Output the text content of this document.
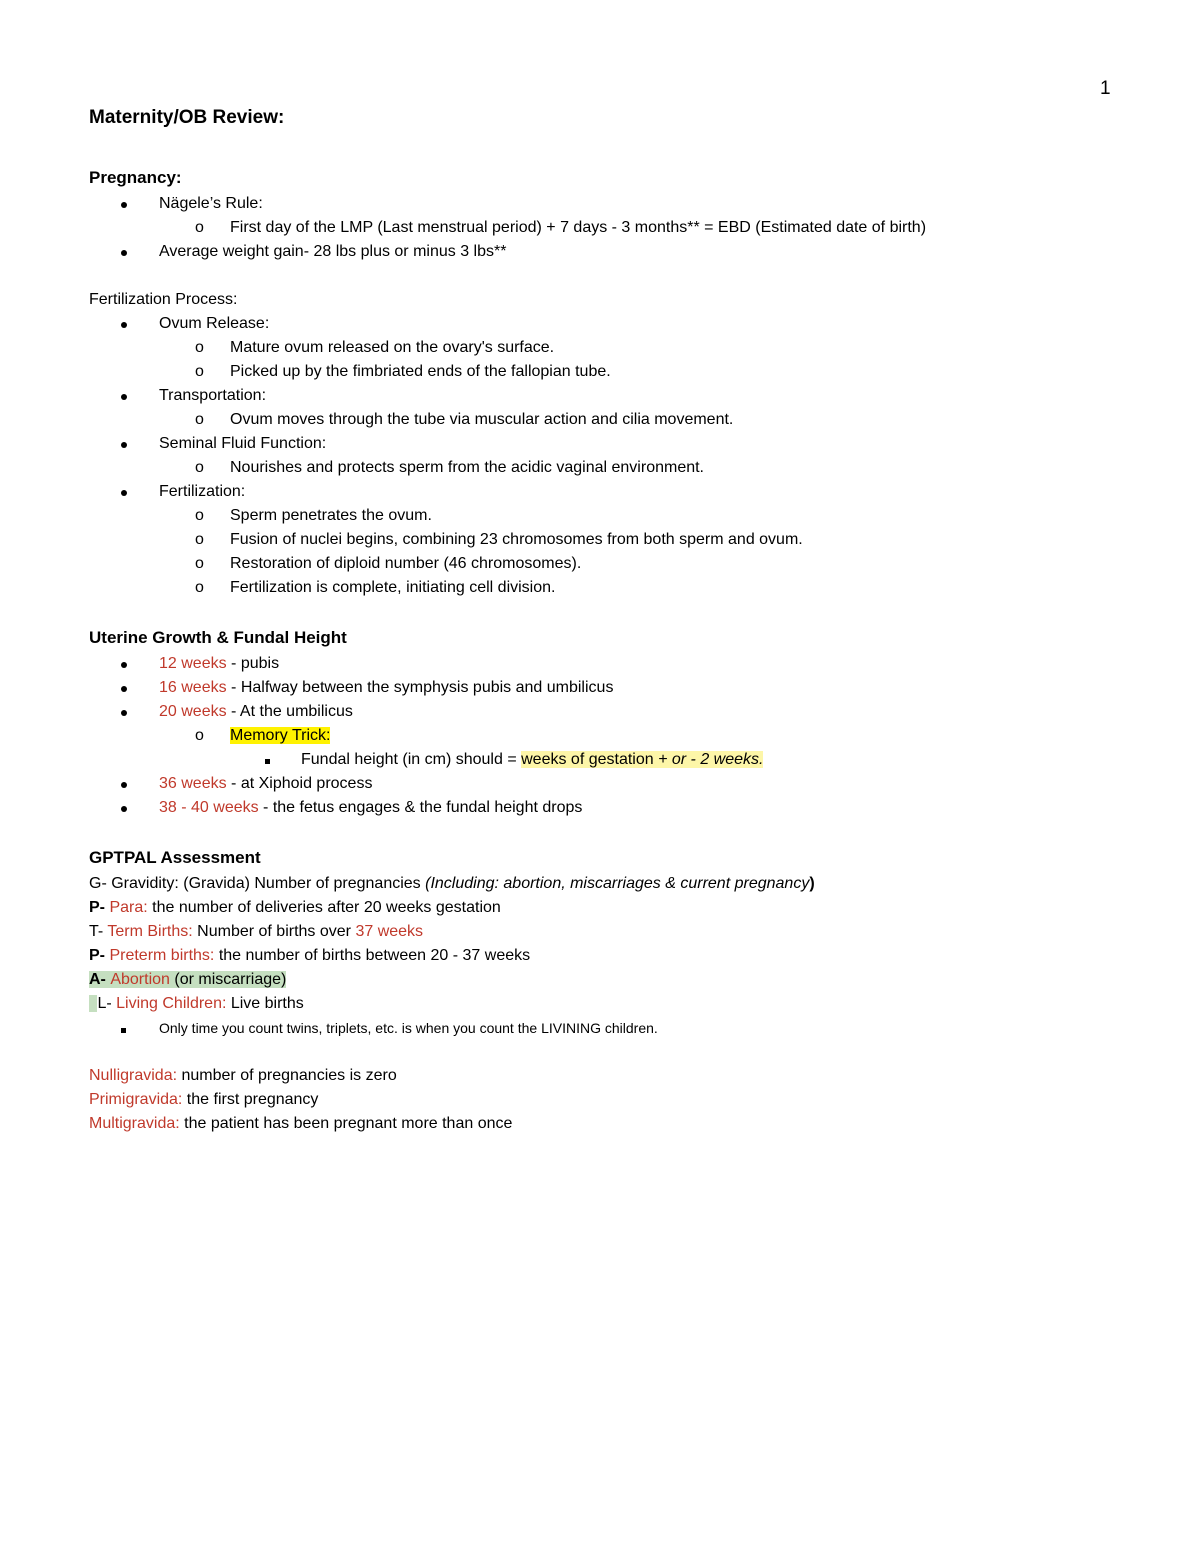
1
Maternity/OB Review:
Pregnancy:
Nägele’s Rule:
o First day of the LMP (Last menstrual period) + 7 days - 3 months** = EBD (Estimated date of birth)
Average weight gain- 28 lbs plus or minus 3 lbs**
Fertilization Process:
Ovum Release:
o Mature ovum released on the ovary's surface.
o Picked up by the fimbriated ends of the fallopian tube.
Transportation:
o Ovum moves through the tube via muscular action and cilia movement.
Seminal Fluid Function:
o Nourishes and protects sperm from the acidic vaginal environment.
Fertilization:
o Sperm penetrates the ovum.
o Fusion of nuclei begins, combining 23 chromosomes from both sperm and ovum.
o Restoration of diploid number (46 chromosomes).
o Fertilization is complete, initiating cell division.
Uterine Growth & Fundal Height
12 weeks - pubis
16 weeks - Halfway between the symphysis pubis and umbilicus
20 weeks - At the umbilicus
o Memory Trick:
Fundal height (in cm) should = weeks of gestation + or - 2 weeks.
36 weeks - at Xiphoid process
38 - 40 weeks - the fetus engages & the fundal height drops
GPTPAL Assessment
G- Gravidity: (Gravida) Number of pregnancies (Including: abortion, miscarriages & current pregnancy)
P- Para: the number of deliveries after 20 weeks gestation
T- Term Births: Number of births over 37 weeks
P- Preterm births: the number of births between 20 - 37 weeks
A- Abortion (or miscarriage)
L- Living Children: Live births
Only time you count twins, triplets, etc. is when you count the LIVINING children.
Nulligravida: number of pregnancies is zero
Primigravida: the first pregnancy
Multigravida: the patient has been pregnant more than once
